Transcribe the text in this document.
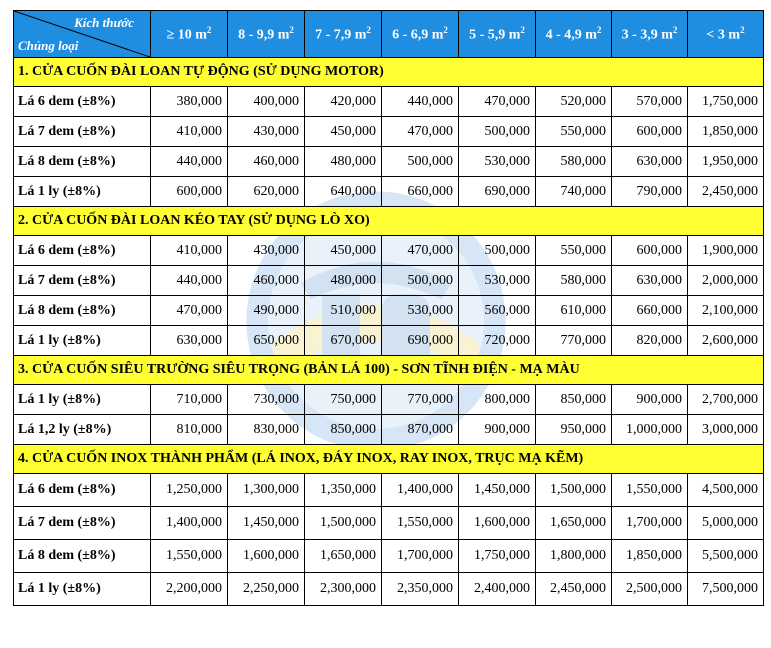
Kích thước
Chủng loại	≥ 10 $m^2$	8 - 9,9 $m^2$	7 - 7,9 $m^2$	6 - 6,9 $m^2$	5 - 5,9 $m^2$	4 - 4,9 $m^2$	3 - 3,9 $m^2$	< 3 $m^2$
1. CỬA CUỐN ĐÀI LOAN TỰ ĐỘNG (SỬ DỤNG MOTOR)								
Lá 6 dem (±8%)	380,000	400,000	420,000	440,000	470,000	520,000	570,000	1,750,000
Lá 7 dem (±8%)	410,000	430,000	450,000	470,000	500,000	550,000	600,000	1,850,000
Lá 8 dem (±8%)	440,000	460,000	480,000	500,000	530,000	580,000	630,000	1,950,000
Lá 1 ly (±8%)	600,000	620,000	640,000	660,000	690,000	740,000	790,000	2,450,000
2. CỬA CUỐN ĐÀI LOAN KÉO TAY (SỬ DỤNG LÒ XO)								
Lá 6 dem (±8%)	410,000	430,000	450,000	470,000	500,000	550,000	600,000	1,900,000
Lá 7 dem (±8%)	440,000	460,000	480,000	500,000	530,000	580,000	630,000	2,000,000
Lá 8 dem (±8%)	470,000	490,000	510,000	530,000	560,000	610,000	660,000	2,100,000
Lá 1 ly (±8%)	630,000	650,000	670,000	690,000	720,000	770,000	820,000	2,600,000
3. CỬA CUỐN SIÊU TRƯỜNG SIÊU TRỌNG (BẢN LÁ 100) - SƠN TĨNH ĐIỆN - MẠ MÀU								
Lá 1 ly (±8%)	710,000	730,000	750,000	770,000	800,000	850,000	900,000	2,700,000
Lá 1,2 ly (±8%)	810,000	830,000	850,000	870,000	900,000	950,000	1,000,000	3,000,000
4. CỬA CUỐN INOX THÀNH PHẨM (LÁ INOX, ĐÁY INOX, RAY INOX, TRỤC MẠ KẼM)								
Lá 6 dem (±8%)	1,250,000	1,300,000	1,350,000	1,400,000	1,450,000	1,500,000	1,550,000	4,500,000
Lá 7 dem (±8%)	1,400,000	1,450,000	1,500,000	1,550,000	1,600,000	1,650,000	1,700,000	5,000,000
Lá 8 dem (±8%)	1,550,000	1,600,000	1,650,000	1,700,000	1,750,000	1,800,000	1,850,000	5,500,000
Lá 1 ly (±8%)	2,200,000	2,250,000	2,300,000	2,350,000	2,400,000	2,450,000	2,500,000	7,500,000
